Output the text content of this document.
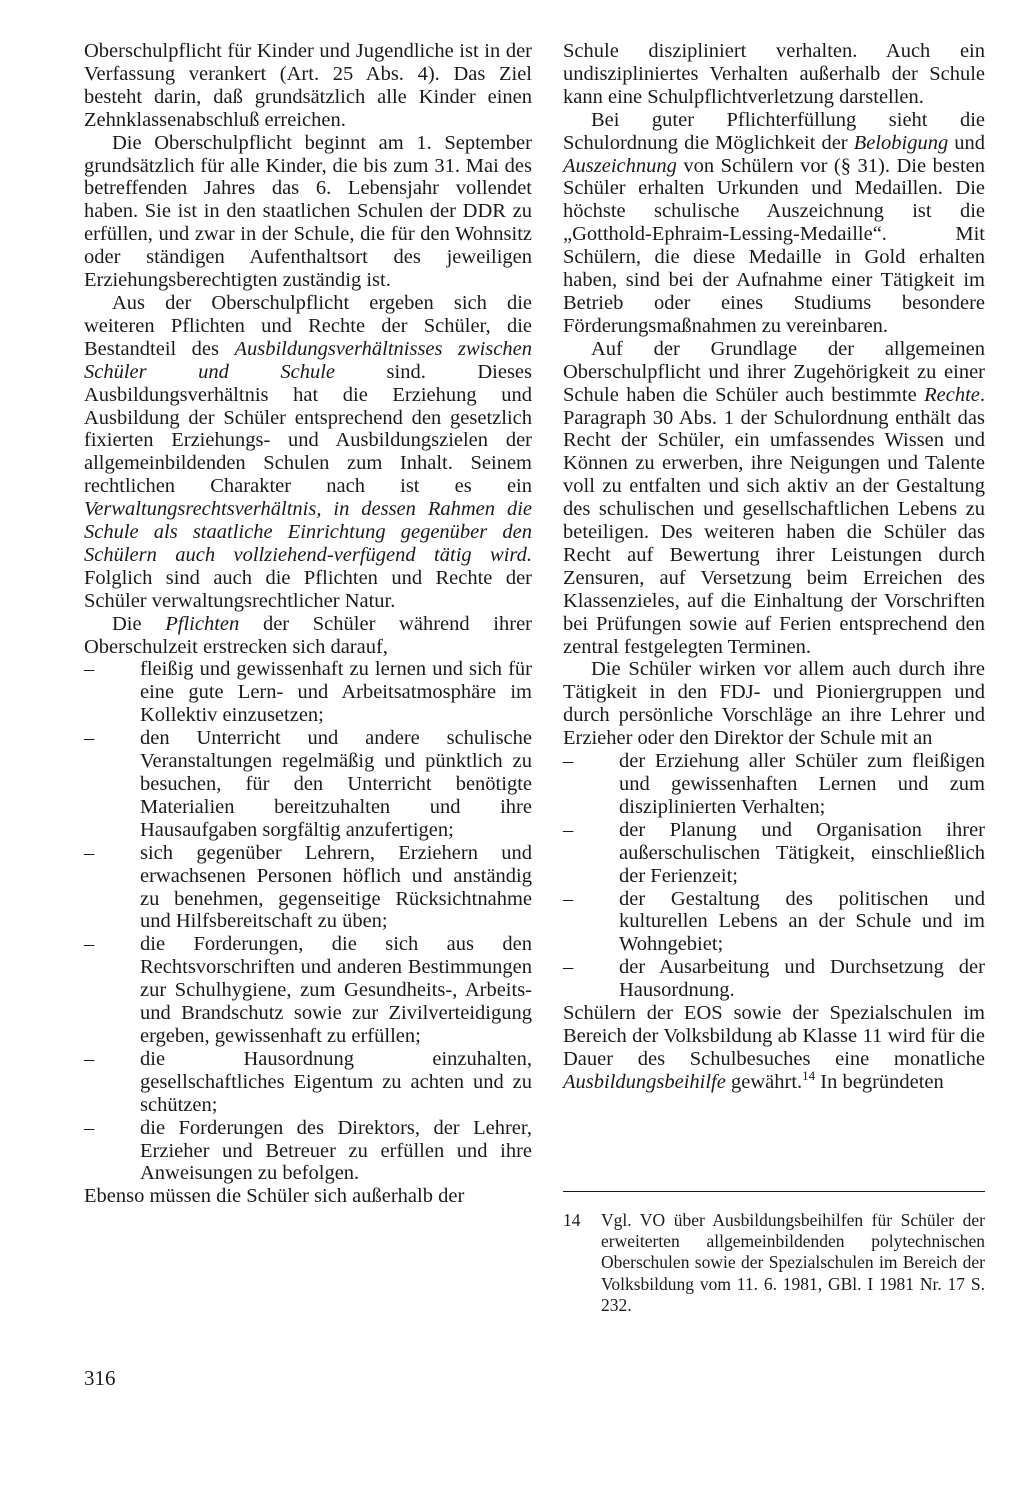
Oberschulpflicht für Kinder und Jugendliche ist in der Verfassung verankert (Art. 25 Abs. 4). Das Ziel besteht darin, daß grundsätzlich alle Kinder einen Zehnklassenabschluß erreichen.

Die Oberschulpflicht beginnt am 1. September grundsätzlich für alle Kinder, die bis zum 31. Mai des betreffenden Jahres das 6. Lebensjahr vollendet haben. Sie ist in den staatlichen Schulen der DDR zu erfüllen, und zwar in der Schule, die für den Wohnsitz oder ständigen Aufenthaltsort des jeweiligen Erziehungsberechtigten zuständig ist.

Aus der Oberschulpflicht ergeben sich die weiteren Pflichten und Rechte der Schüler, die Bestandteil des Ausbildungsverhältnisses zwischen Schüler und Schule sind. Dieses Ausbildungsverhältnis hat die Erziehung und Ausbildung der Schüler entsprechend den gesetzlich fixierten Erziehungs- und Ausbildungszielen der allgemeinbildenden Schulen zum Inhalt. Seinem rechtlichen Charakter nach ist es ein Verwaltungsrechtsverhältnis, in dessen Rahmen die Schule als staatliche Einrichtung gegenüber den Schülern auch vollziehend-verfügend tätig wird. Folglich sind auch die Pflichten und Rechte der Schüler verwaltungsrechtlicher Natur.

Die Pflichten der Schüler während ihrer Oberschulzeit erstrecken sich darauf,

– fleißig und gewissenhaft zu lernen und sich für eine gute Lern- und Arbeitsatmosphäre im Kollektiv einzusetzen;
– den Unterricht und andere schulische Veranstaltungen regelmäßig und pünktlich zu besuchen, für den Unterricht benötigte Materialien bereitzuhalten und ihre Hausaufgaben sorgfältig anzufertigen;
– sich gegenüber Lehrern, Erziehern und erwachsenen Personen höflich und anständig zu benehmen, gegenseitige Rücksichtnahme und Hilfsbereitschaft zu üben;
– die Forderungen, die sich aus den Rechtsvorschriften und anderen Bestimmungen zur Schulhygiene, zum Gesundheits-, Arbeits- und Brandschutz sowie zur Zivilverteidigung ergeben, gewissenhaft zu erfüllen;
– die Hausordnung einzuhalten, gesellschaftliches Eigentum zu achten und zu schützen;
– die Forderungen des Direktors, der Lehrer, Erzieher und Betreuer zu erfüllen und ihre Anweisungen zu befolgen.

Ebenso müssen die Schüler sich außerhalb der

Schule diszipliniert verhalten. Auch ein undiszipliniertes Verhalten außerhalb der Schule kann eine Schulpflichtverletzung darstellen.

Bei guter Pflichterfüllung sieht die Schulordnung die Möglichkeit der Belobigung und Auszeichnung von Schülern vor (§ 31). Die besten Schüler erhalten Urkunden und Medaillen. Die höchste schulische Auszeichnung ist die „Gotthold-Ephraim-Lessing-Medaille“. Mit Schülern, die diese Medaille in Gold erhalten haben, sind bei der Aufnahme einer Tätigkeit im Betrieb oder eines Studiums besondere Förderungsmaßnahmen zu vereinbaren.

Auf der Grundlage der allgemeinen Oberschulpflicht und ihrer Zugehörigkeit zu einer Schule haben die Schüler auch bestimmte Rechte. Paragraph 30 Abs. 1 der Schulordnung enthält das Recht der Schüler, ein umfassendes Wissen und Können zu erwerben, ihre Neigungen und Talente voll zu entfalten und sich aktiv an der Gestaltung des schulischen und gesellschaftlichen Lebens zu beteiligen. Des weiteren haben die Schüler das Recht auf Bewertung ihrer Leistungen durch Zensuren, auf Versetzung beim Erreichen des Klassenzieles, auf die Einhaltung der Vorschriften bei Prüfungen sowie auf Ferien entsprechend den zentral festgelegten Terminen.

Die Schüler wirken vor allem auch durch ihre Tätigkeit in den FDJ- und Pioniergruppen und durch persönliche Vorschläge an ihre Lehrer und Erzieher oder den Direktor der Schule mit an

– der Erziehung aller Schüler zum fleißigen und gewissenhaften Lernen und zum disziplinierten Verhalten;
– der Planung und Organisation ihrer außerschulischen Tätigkeit, einschließlich der Ferienzeit;
– der Gestaltung des politischen und kulturellen Lebens an der Schule und im Wohngebiet;
– der Ausarbeitung und Durchsetzung der Hausordnung.

Schülern der EOS sowie der Spezialschulen im Bereich der Volksbildung ab Klasse 11 wird für die Dauer des Schulbesuches eine monatliche Ausbildungsbeihilfe gewährt.$^{14}$ In begründeten

14 Vgl. VO über Ausbildungsbeihilfen für Schüler der erweiterten allgemeinbildenden polytechnischen Oberschulen sowie der Spezialschulen im Bereich der Volksbildung vom 11. 6. 1981, GBl. I 1981 Nr. 17 S. 232.
316
